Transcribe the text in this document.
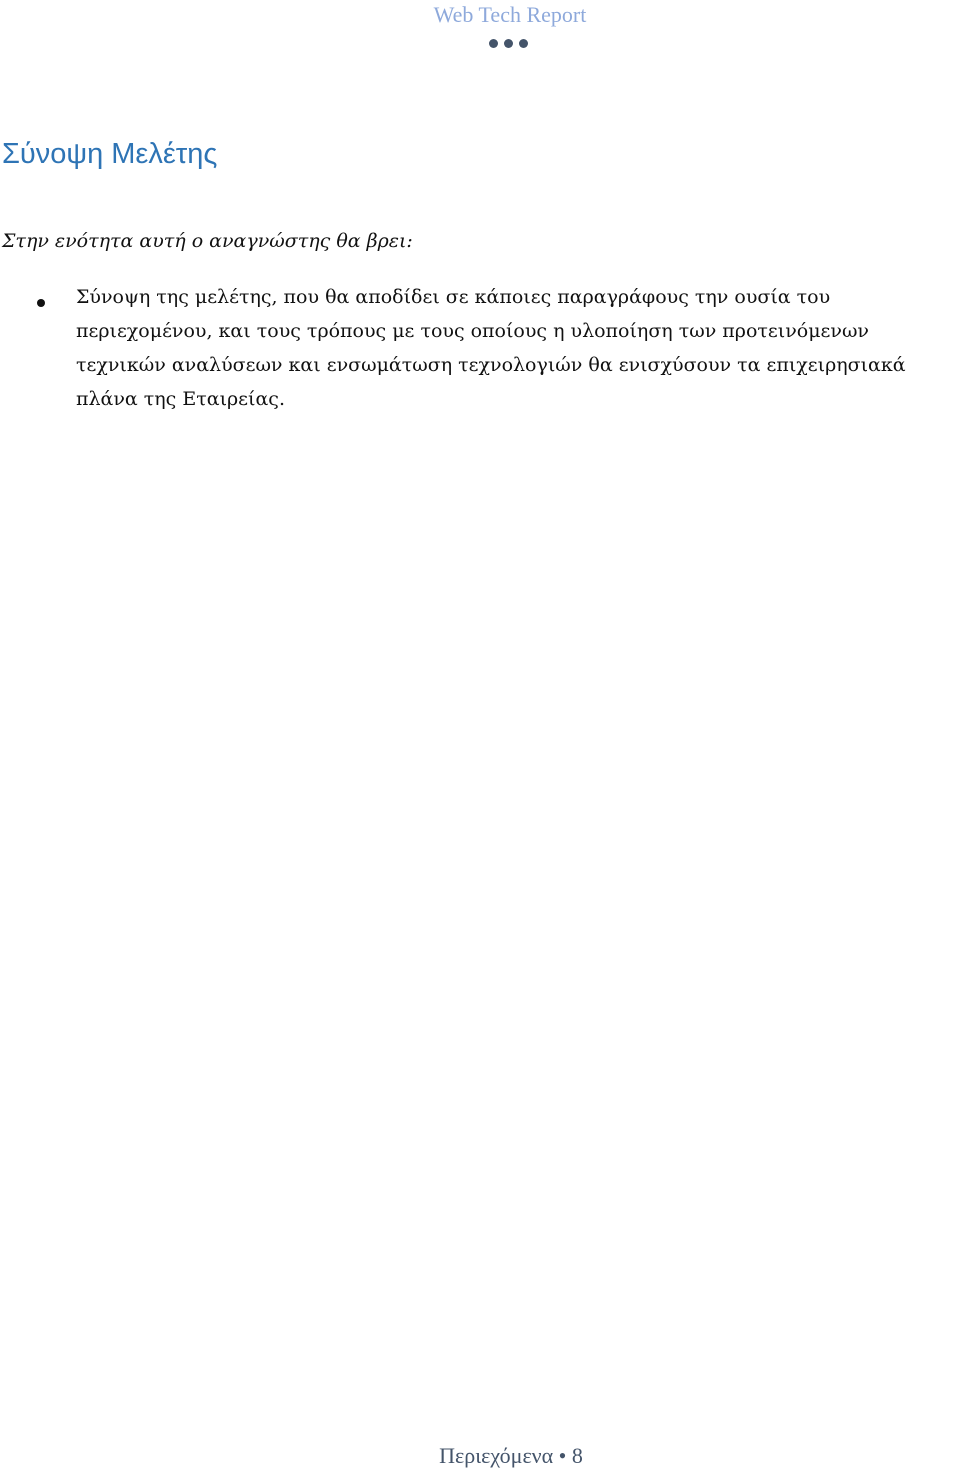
Web Tech Report
Σύνοψη Μελέτης
Στην ενότητα αυτή ο αναγνώστης θα βρει:
Σύνοψη της μελέτης, που θα αποδίδει σε κάποιες παραγράφους την ουσία του
περιεχομένου, και τους τρόπους με τους οποίους η υλοποίηση των προτεινόμενων
τεχνικών αναλύσεων και ενσωμάτωση τεχνολογιών θα ενισχύσουν τα επιχειρησιακά
πλάνα της Εταιρείας.
Περιεχόμενα • 8
